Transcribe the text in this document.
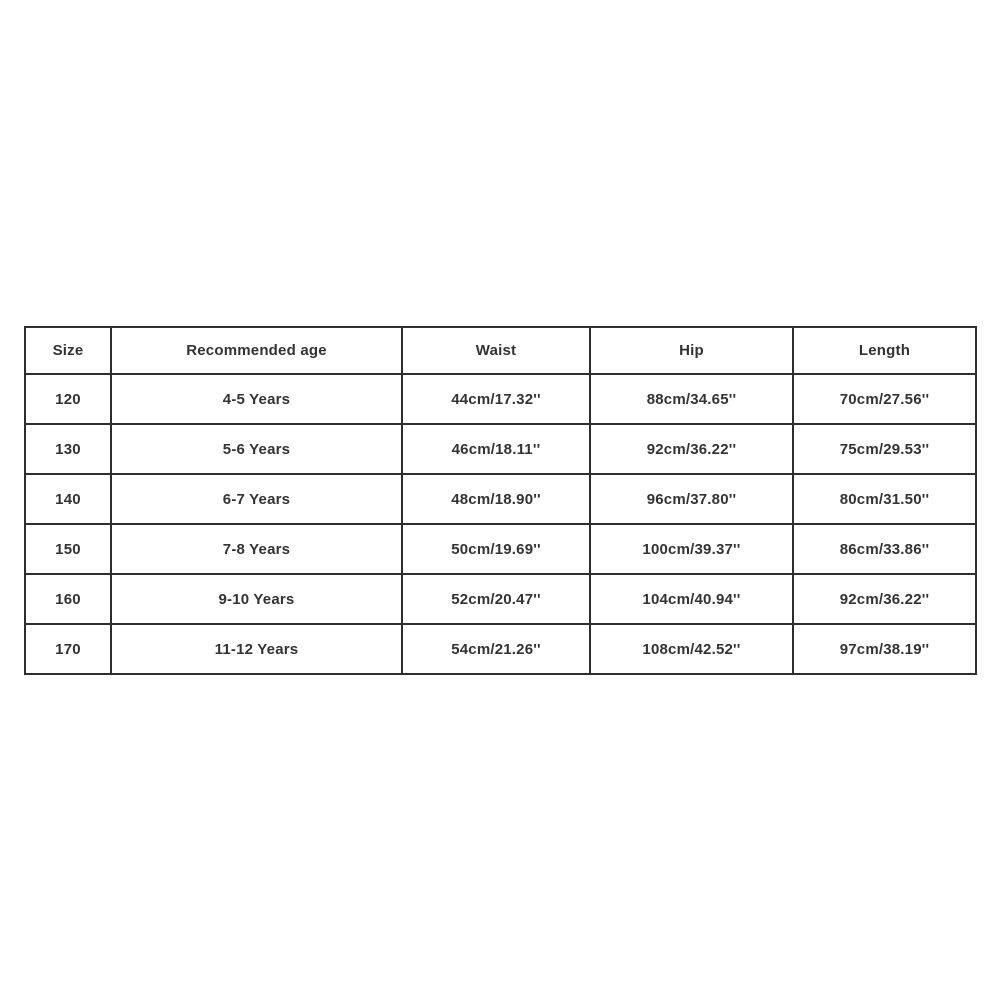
Size	Recommended age	Waist	Hip	Length
120	4-5 Years	44cm/17.32''	88cm/34.65''	70cm/27.56''
130	5-6 Years	46cm/18.11''	92cm/36.22''	75cm/29.53''
140	6-7 Years	48cm/18.90''	96cm/37.80''	80cm/31.50''
150	7-8 Years	50cm/19.69''	100cm/39.37''	86cm/33.86''
160	9-10 Years	52cm/20.47''	104cm/40.94''	92cm/36.22''
170	11-12 Years	54cm/21.26''	108cm/42.52''	97cm/38.19''
